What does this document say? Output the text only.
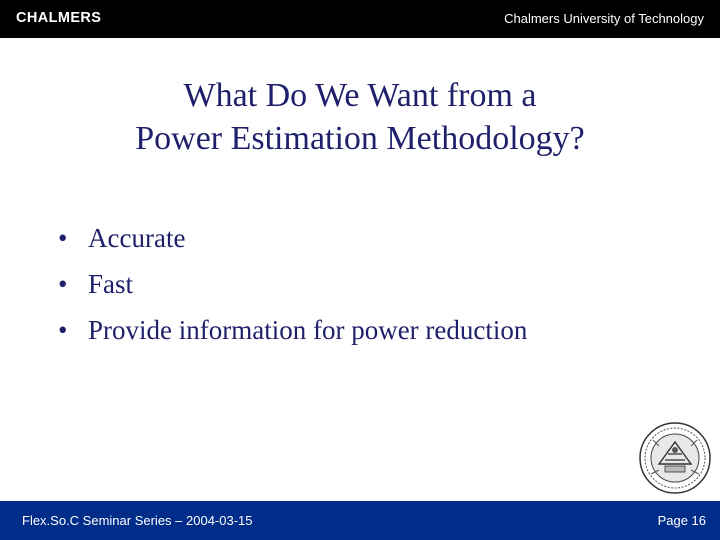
CHALMERS	Chalmers University of Technology
What Do We Want from a
Power Estimation Methodology?
• Accurate
• Fast
• Provide information for power reduction
Flex.So.C Seminar Series – 2004-03-15	Page 16
